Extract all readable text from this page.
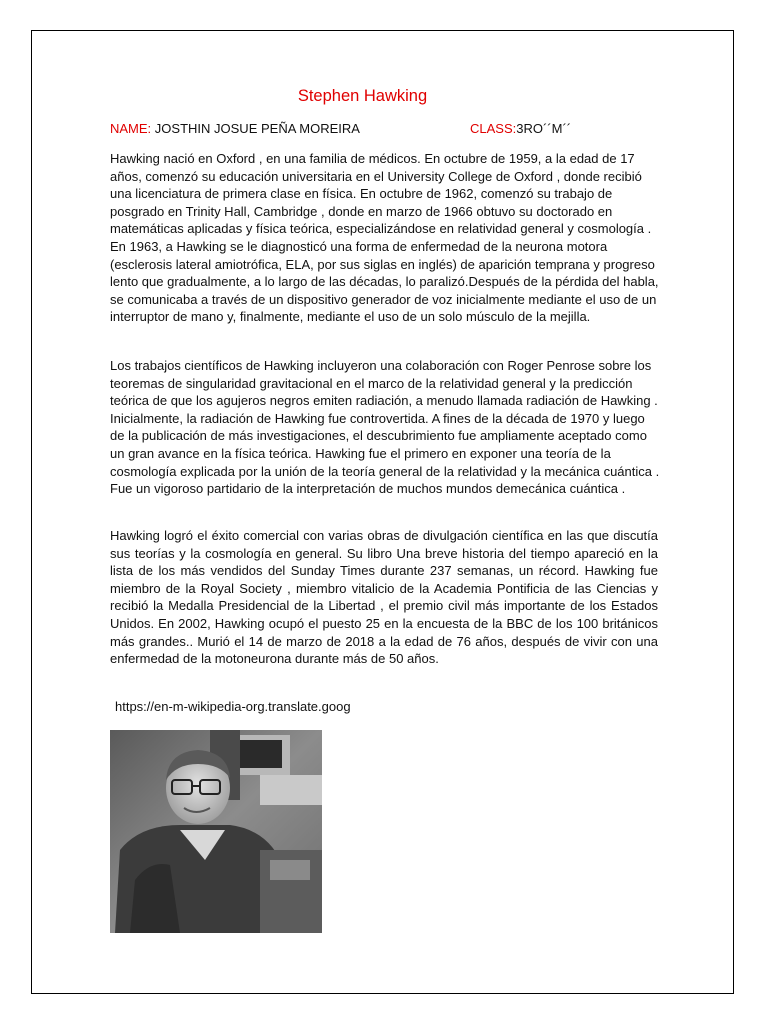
Stephen Hawking
NAME: JOSTHIN JOSUE PEÑA MOREIRA	CLASS:3RO´´M´´

Hawking nació en Oxford , en una familia de médicos. En octubre de 1959, a la edad de 17 años, comenzó su educación universitaria en el University College de Oxford , donde recibió una licenciatura de primera clase en física. En octubre de 1962, comenzó su trabajo de posgrado en Trinity Hall, Cambridge , donde en marzo de 1966 obtuvo su doctorado en matemáticas aplicadas y física teórica, especializándose en relatividad general y cosmología . En 1963, a Hawking se le diagnosticó una forma de enfermedad de la neurona motora (esclerosis lateral amiotrófica, ELA, por sus siglas en inglés) de aparición temprana y progreso lento que gradualmente, a lo largo de las décadas, lo paralizó.Después de la pérdida del habla, se comunicaba a través de un dispositivo generador de voz inicialmente mediante el uso de un interruptor de mano y, finalmente, mediante el uso de un solo músculo de la mejilla.

Los trabajos científicos de Hawking incluyeron una colaboración con Roger Penrose sobre los teoremas de singularidad gravitacional en el marco de la relatividad general y la predicción teórica de que los agujeros negros emiten radiación, a menudo llamada radiación de Hawking . Inicialmente, la radiación de Hawking fue controvertida. A fines de la década de 1970 y luego de la publicación de más investigaciones, el descubrimiento fue ampliamente aceptado como un gran avance en la física teórica. Hawking fue el primero en exponer una teoría de la cosmología explicada por la unión de la teoría general de la relatividad y la mecánica cuántica . Fue un vigoroso partidario de la interpretación de muchos mundos demecánica cuántica .

Hawking logró el éxito comercial con varias obras de divulgación científica en las que discutía sus teorías y la cosmología en general. Su libro Una breve historia del tiempo apareció en la lista de los más vendidos del Sunday Times durante 237 semanas, un récord. Hawking fue miembro de la Royal Society , miembro vitalicio de la Academia Pontificia de las Ciencias y recibió la Medalla Presidencial de la Libertad , el premio civil más importante de los Estados Unidos. En 2002, Hawking ocupó el puesto 25 en la encuesta de la BBC de los 100 británicos más grandes.. Murió el 14 de marzo de 2018 a la edad de 76 años, después de vivir con una enfermedad de la motoneurona durante más de 50 años.

https://en-m-wikipedia-org.translate.goog
